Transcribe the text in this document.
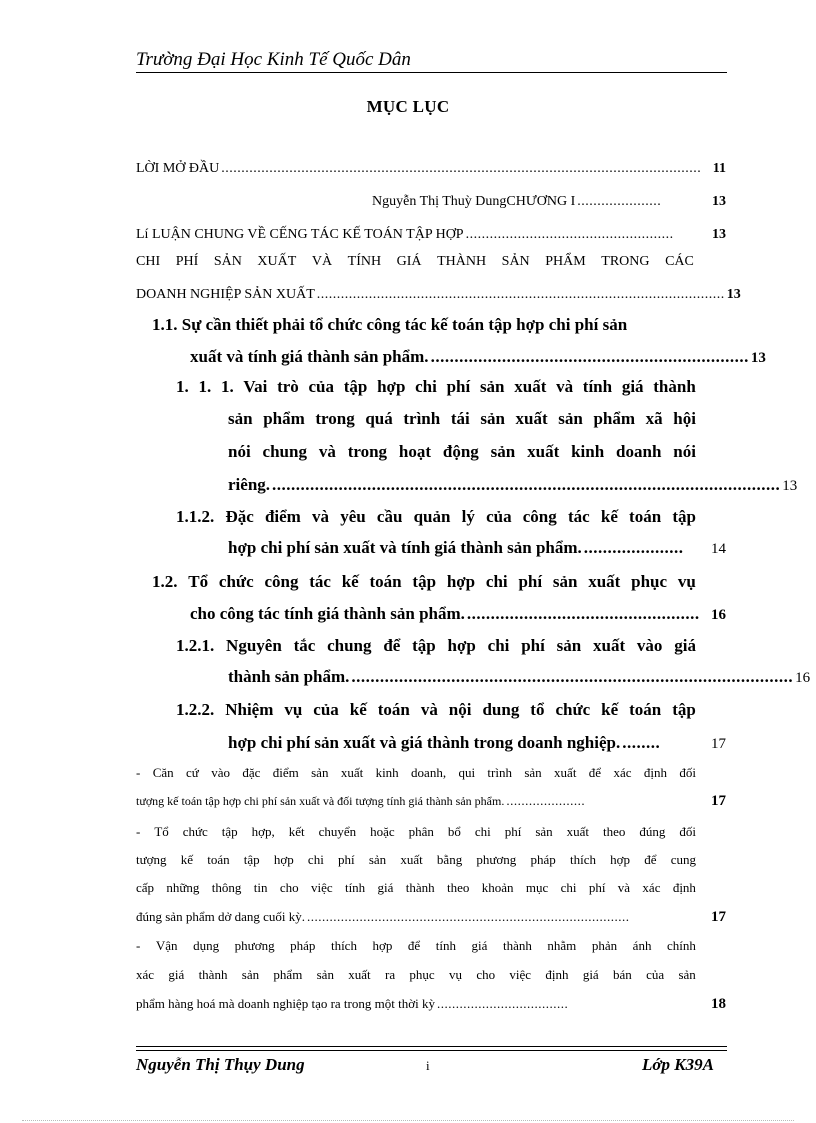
Trường Đại Học Kinh Tế Quốc Dân
MỤC LỤC
LỜI MỞ ĐẦU ........................................................................................................................ 11
Nguyễn Thị Thuỳ DungCHƯƠNG I .....................	13
Lí LUẬN CHUNG VỀ CẾNG TÁC KẾ TOÁN TẬP HỢP ....................................................	13
CHI PHÍ SẢN XUẤT VÀ TÍNH GIÁ THÀNH SẢN PHẨM TRONG CÁC
DOANH NGHIỆP SẢN XUẤT ...................................................................................................... 13
1.1. Sự cần thiết phải tổ chức công tác kế toán tập hợp chi phí sản
xuất và tính giá thành sản phẩm. ................................................................... 13
1. 1. 1. Vai trò của tập hợp chi phí sản xuất và tính giá thành
sản phẩm trong quá trình tái sản xuất sản phẩm xã hội
nói chung và trong hoạt động sản xuất kinh doanh nói
riêng. ........................................................................................................... 13
1.1.2. Đặc điểm và yêu cầu quản lý của công tác kế toán tập
hợp chi phí sản xuất và tính giá thành sản phẩm. .....................	14
1.2. Tổ chức công tác kế toán tập hợp chi phí sản xuất phục vụ
cho công tác tính giá thành sản phẩm. ................................................. 16
1.2.1. Nguyên tắc chung để tập hợp chi phí sản xuất vào giá
thành sản phẩm. ............................................................................................. 16
1.2.2. Nhiệm vụ của kế toán và nội dung tổ chức kế toán tập
hợp chi phí sản xuất và giá thành trong doanh nghiệp. ........	17
- Căn cứ vào đặc điểm sản xuất kinh doanh, qui trình sản xuất để xác định đối
tượng kế toán tập hợp chi phí sản xuất và đối tượng tính giá thành sản phẩm. .....................	17
- Tổ chức tập hợp, kết chuyển hoặc phân bổ chi phí sản xuất theo đúng đối
tượng kế toán tập hợp chi phí sản xuất bằng phương pháp thích hợp để cung
cấp những thông tin cho việc tính giá thành theo khoản mục chi phí và xác định
đúng sản phẩm dở dang cuối kỳ. ......................................................................................	17
- Vận dụng phương pháp thích hợp để tính giá thành nhằm phản ánh chính
xác giá thành sản phẩm sản xuất ra phục vụ cho việc định giá bán của sản
phẩm hàng hoá mà doanh nghiệp tạo ra trong một thời kỳ ...................................	18
Nguyễn Thị Thụy Dung	i	Lớp K39A
